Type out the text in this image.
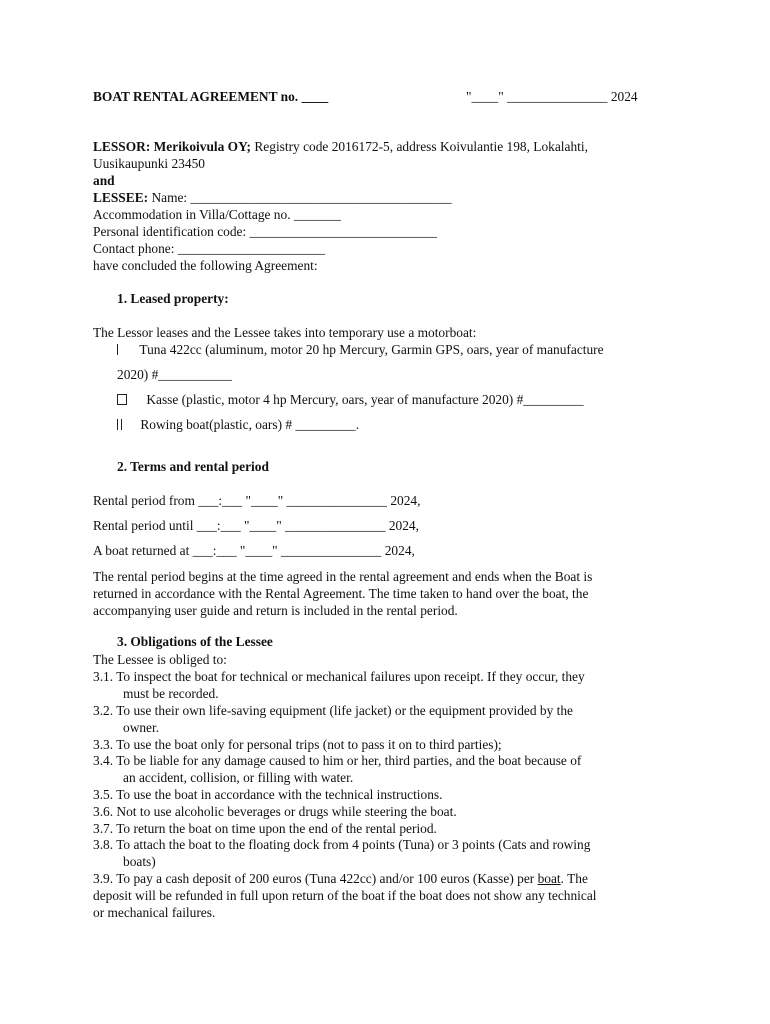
BOAT RENTAL AGREEMENT no. ____	"____" _______________ 2024
LESSOR: Merikoivula OY; Registry code 2016172-5, address Koivulantie 198, Lokalahti,
Uusikaupunki 23450
and
LESSEE: Name: _______________________________________
Accommodation in Villa/Cottage no. _______
Personal identification code: ____________________________
Contact phone: ______________________
have concluded the following Agreement:
1. Leased property:
The Lessor leases and the Lessee takes into temporary use a motorboat:
Tuna 422cc (aluminum, motor 20 hp Mercury, Garmin GPS, oars, year of manufacture
2020) #___________
Kasse (plastic, motor 4 hp Mercury, oars, year of manufacture 2020) #_________
Rowing boat(plastic, oars) # _________.
2. Terms and rental period
Rental period from ___:___ "____" _______________ 2024,
Rental period until ___:___ "____" _______________ 2024,
A boat returned at ___:___ "____" _______________ 2024,
The rental period begins at the time agreed in the rental agreement and ends when the Boat is
returned in accordance with the Rental Agreement. The time taken to hand over the boat, the
accompanying user guide and return is included in the rental period.
3. Obligations of the Lessee
The Lessee is obliged to:
3.1. To inspect the boat for technical or mechanical failures upon receipt. If they occur, they
must be recorded.
3.2. To use their own life-saving equipment (life jacket) or the equipment provided by the
owner.
3.3. To use the boat only for personal trips (not to pass it on to third parties);
3.4. To be liable for any damage caused to him or her, third parties, and the boat because of
an accident, collision, or filling with water.
3.5. To use the boat in accordance with the technical instructions.
3.6. Not to use alcoholic beverages or drugs while steering the boat.
3.7. To return the boat on time upon the end of the rental period.
3.8. To attach the boat to the floating dock from 4 points (Tuna) or 3 points (Cats and rowing
boats)
3.9. To pay a cash deposit of 200 euros (Tuna 422cc) and/or 100 euros (Kasse) per boat. The
deposit will be refunded in full upon return of the boat if the boat does not show any technical
or mechanical failures.
